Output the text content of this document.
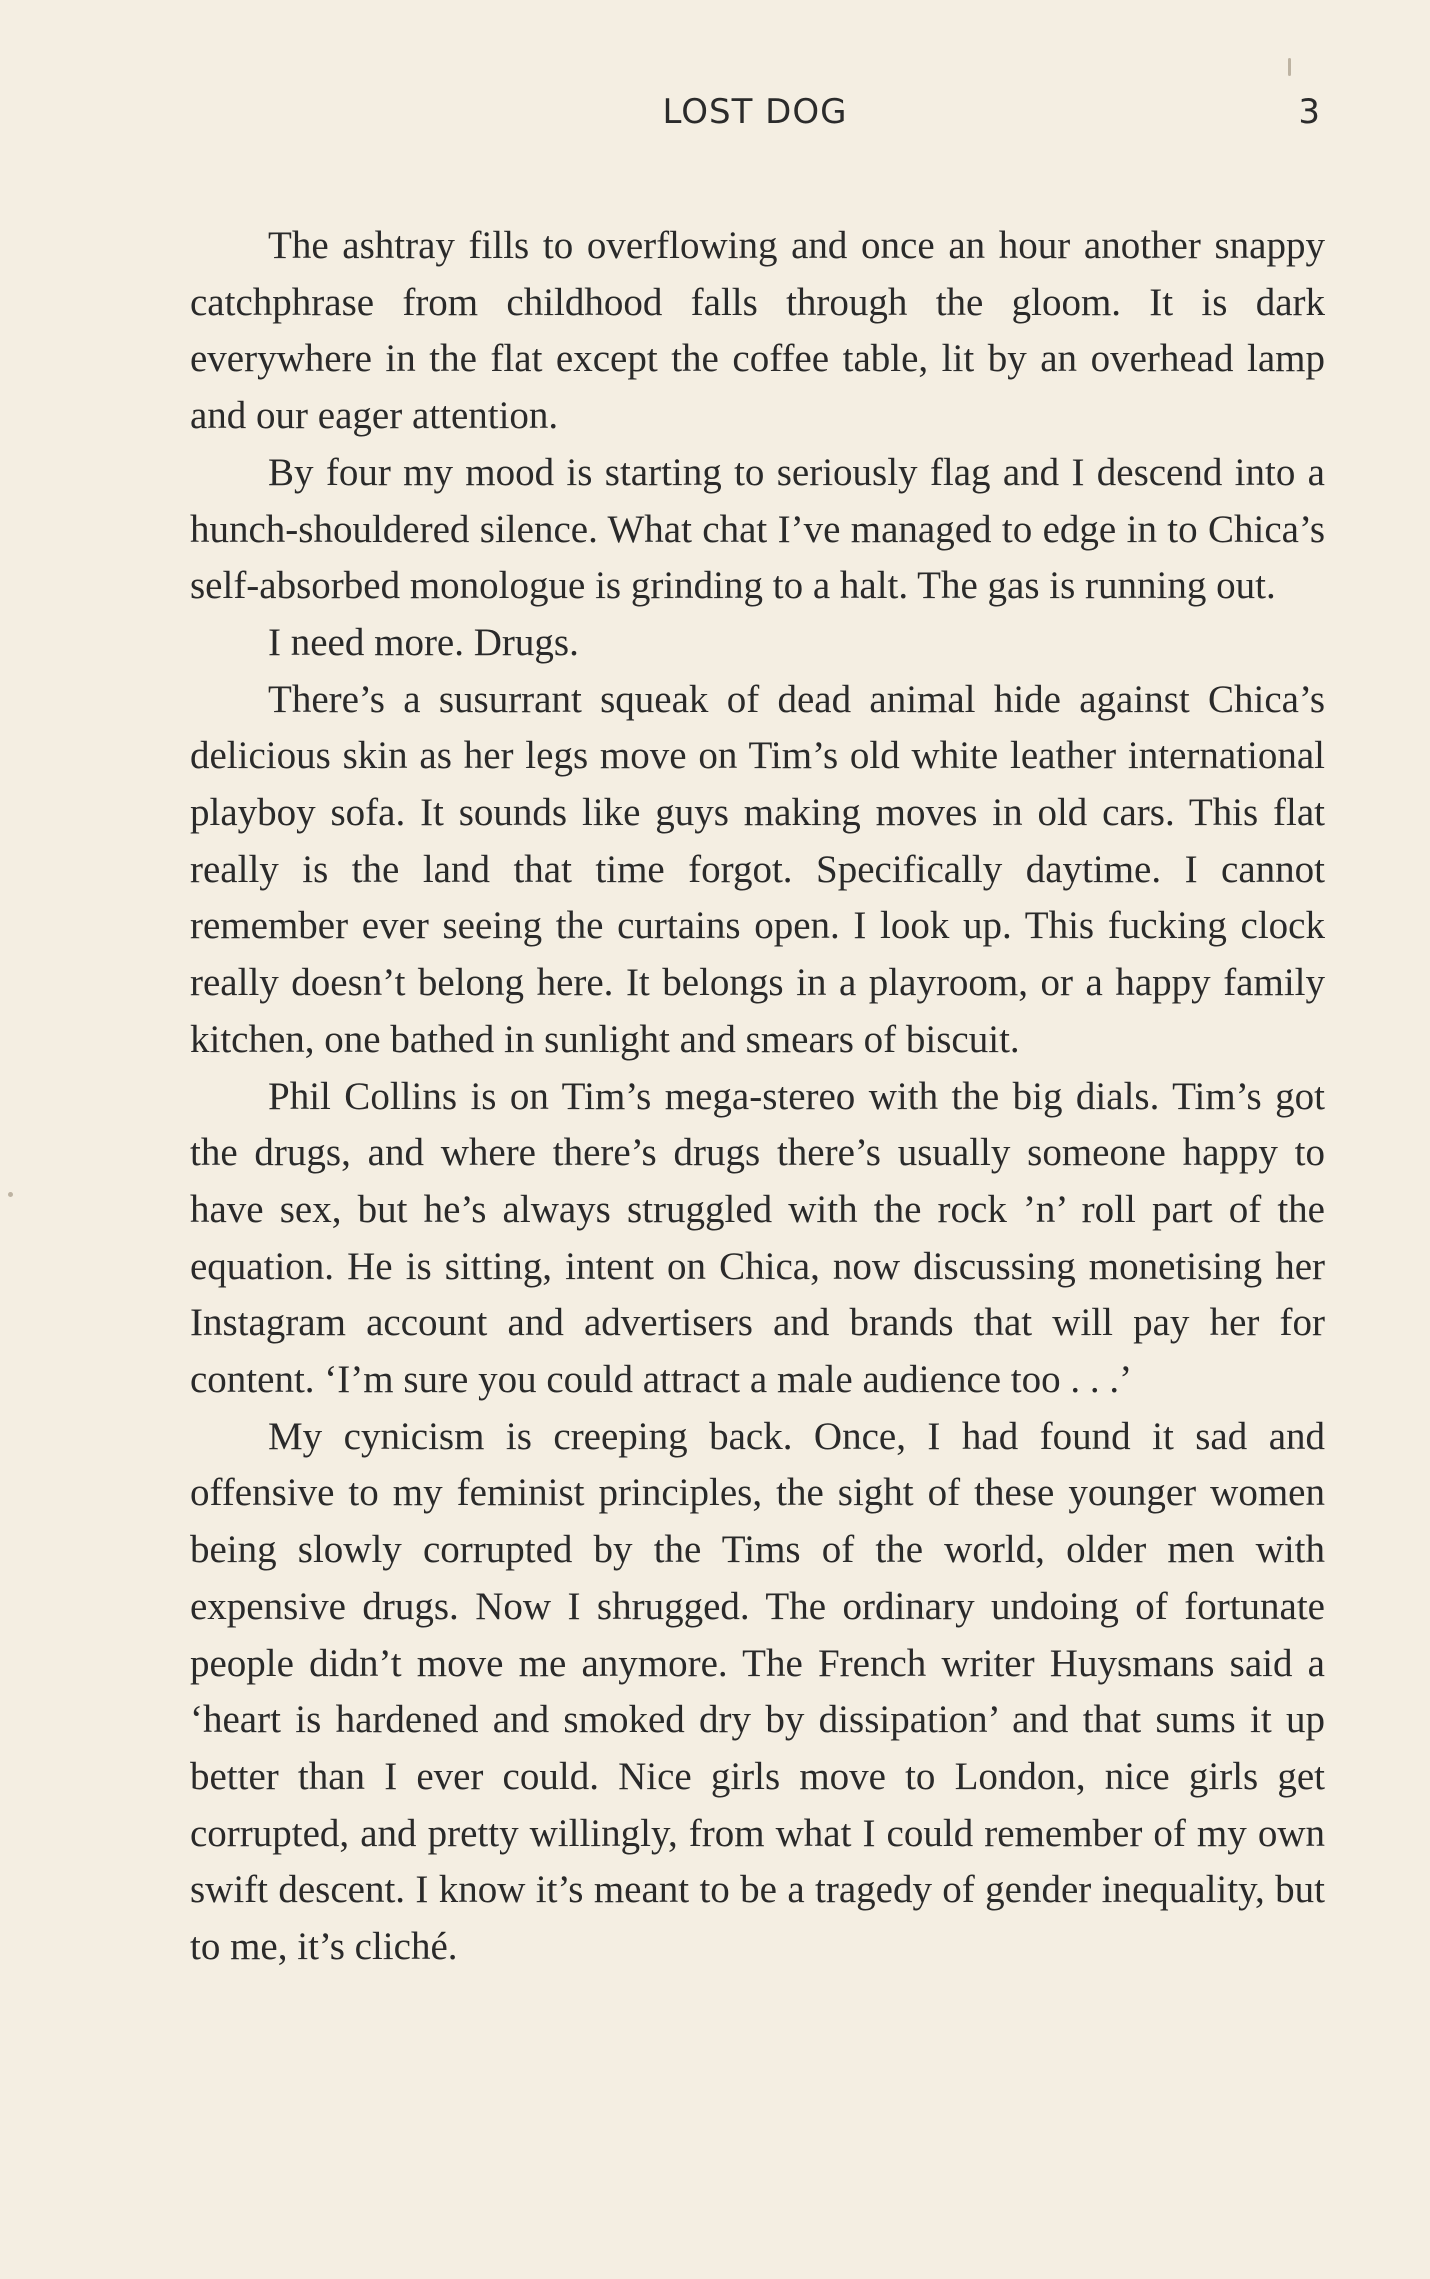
LOST DOG	3

The ashtray fills to overflowing and once an hour another snappy catchphrase from childhood falls through the gloom. It is dark everywhere in the flat except the coffee table, lit by an overhead lamp and our eager attention.

By four my mood is starting to seriously flag and I descend into a hunch-shouldered silence. What chat I’ve managed to edge in to Chica’s self-absorbed monologue is grinding to a halt. The gas is running out.

I need more. Drugs.

There’s a susurrant squeak of dead animal hide against Chica’s delicious skin as her legs move on Tim’s old white leather international playboy sofa. It sounds like guys making moves in old cars. This flat really is the land that time forgot. Specifically daytime. I cannot remember ever seeing the curtains open. I look up. This fucking clock really doesn’t belong here. It belongs in a playroom, or a happy family kitchen, one bathed in sunlight and smears of biscuit.

Phil Collins is on Tim’s mega-stereo with the big dials. Tim’s got the drugs, and where there’s drugs there’s usually someone happy to have sex, but he’s always struggled with the rock ’n’ roll part of the equation. He is sitting, intent on Chica, now discussing monetising her Instagram account and advertisers and brands that will pay her for content. ‘I’m sure you could attract a male audience too . . .’

My cynicism is creeping back. Once, I had found it sad and offensive to my feminist principles, the sight of these younger women being slowly corrupted by the Tims of the world, older men with expensive drugs. Now I shrugged. The ordinary undoing of fortunate people didn’t move me anymore. The French writer Huysmans said a ‘heart is hardened and smoked dry by dissipation’ and that sums it up better than I ever could. Nice girls move to London, nice girls get corrupted, and pretty willingly, from what I could remember of my own swift descent. I know it’s meant to be a tragedy of gender inequality, but to me, it’s cliché.
